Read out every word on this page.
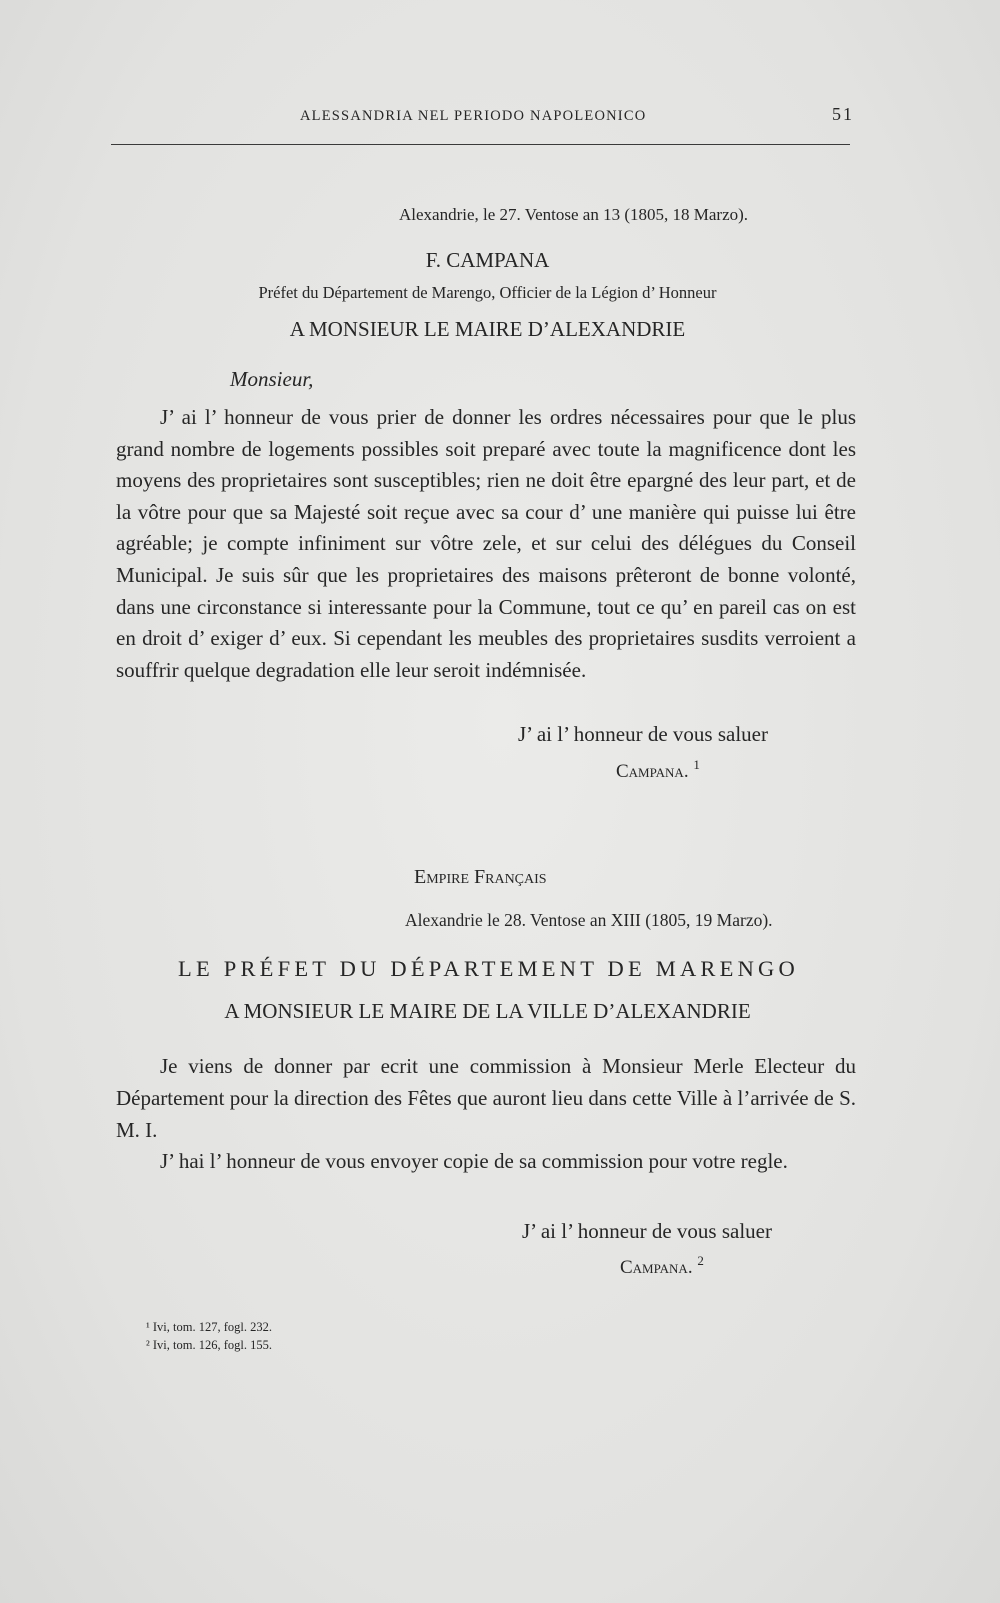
ALESSANDRIA NEL PERIODO NAPOLEONICO	51
Alexandrie, le 27. Ventose an 13 (1805, 18 Marzo).
F. CAMPANA
Préfet du Département de Marengo, Officier de la Légion d’ Honneur
A MONSIEUR LE MAIRE D’ALEXANDRIE
Monsieur,

J’ ai l’ honneur de vous prier de donner les ordres nécessaires pour que le plus grand nombre de logements possibles soit preparé avec toute la magnificence dont les moyens des proprietaires sont susceptibles; rien ne doit être epargné des leur part, et de la vôtre pour que sa Majesté soit reçue avec sa cour d’ une manière qui puisse lui être agréable; je compte infiniment sur vôtre zele, et sur celui des délégues du Conseil Municipal. Je suis sûr que les proprietaires des maisons prêteront de bonne volonté, dans une circonstance si interessante pour la Commune, tout ce qu’ en pareil cas on est en droit d’ exiger d’ eux. Si cependant les meubles des proprietaires susdits verroient a souffrir quelque degradation elle leur seroit indémnisée.

J’ ai l’ honneur de vous saluer
Campana. $^1$
Empire Français
Alexandrie le 28. Ventose an XIII (1805, 19 Marzo).
LE PRÉFET DU DÉPARTEMENT DE MARENGO
A MONSIEUR LE MAIRE DE LA VILLE D’ALEXANDRIE

Je viens de donner par ecrit une commission à Monsieur Merle Electeur du Département pour la direction des Fêtes que auront lieu dans cette Ville à l’arrivée de S. M. I.

J’ hai l’ honneur de vous envoyer copie de sa commission pour votre regle.

J’ ai l’ honneur de vous saluer
Campana. $^2$
¹ Ivi, tom. 127, fogl. 232.
² Ivi, tom. 126, fogl. 155.
